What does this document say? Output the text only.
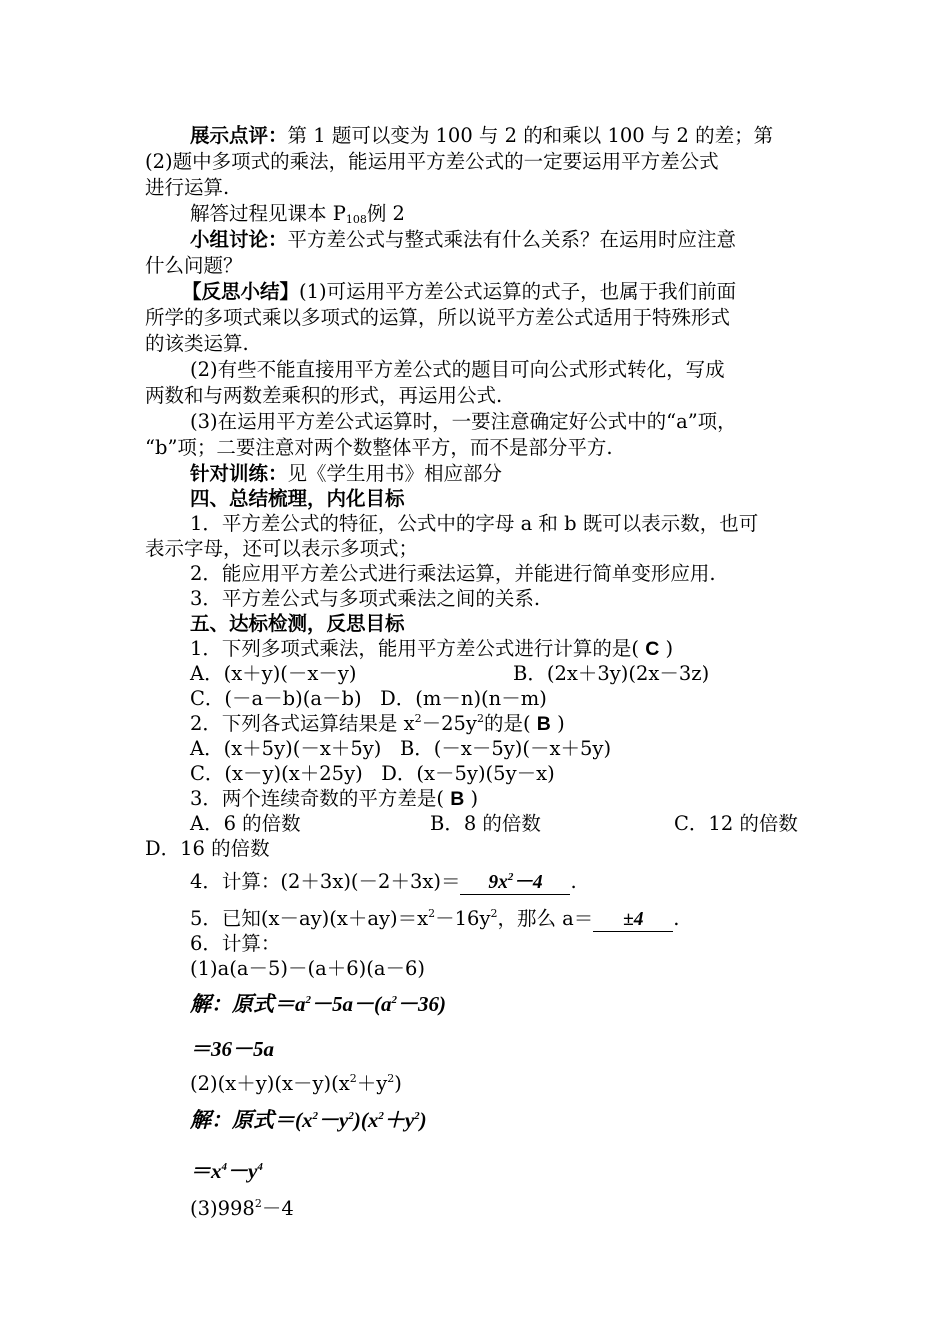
展示点评：第 1 题可以变为 100 与 2 的和乘以 100 与 2 的差；第
(2)题中多项式的乘法，能运用平方差公式的一定要运用平方差公式
进行运算.
解答过程见课本 $P_{108}$例 2
小组讨论：平方差公式与整式乘法有什么关系？在运用时应注意
什么问题？
【反思小结】(1)可运用平方差公式运算的式子，也属于我们前面
所学的多项式乘以多项式的运算，所以说平方差公式适用于特殊形式
的该类运算.
(2)有些不能直接用平方差公式的题目可向公式形式转化，写成
两数和与两数差乘积的形式，再运用公式.
(3)在运用平方差公式运算时，一要注意确定好公式中的“a”项，
“b”项；二要注意对两个数整体平方，而不是部分平方.
针对训练：见《学生用书》相应部分
四、总结梳理，内化目标
1．平方差公式的特征，公式中的字母 a 和 b 既可以表示数，也可
表示字母，还可以表示多项式；
2．能应用平方差公式进行乘法运算，并能进行简单变形应用.
3．平方差公式与多项式乘法之间的关系.
五、达标检测，反思目标
1．下列多项式乘法，能用平方差公式进行计算的是( C )
A．(x＋y)(－x－y)	B．(2x＋3y)(2x－3z)
C．(－a－b)(a－b)   D．(m－n)(n－m)
2．下列各式运算结果是 $x^2-25y^2$的是( B )
A．(x＋5y)(－x＋5y)   B．(－x－5y)(－x＋5y)
C．(x－y)(x＋25y)   D．(x－5y)(5y－x)
3．两个连续奇数的平方差是( B )
A．6 的倍数	B．8 的倍数	C．12 的倍数
D．16 的倍数
4．计算：$(2+3x)(-2+3x)= 9x^2-4$ .
5．已知$(x-ay)(x+ay)=x^2-16y^2$，那么 a＝ ±4 .
6．计算：
(1)a(a－5)－(a＋6)(a－6)
解：原式$=a^2-5a-(a^2-36)$
＝36－5a
$(2)(x+y)(x-y)(x^2+y^2)$
解：原式$=(x^2-y^2)(x^2+y^2)$
$=x^4-y^4$
$(3)998^2-4$
